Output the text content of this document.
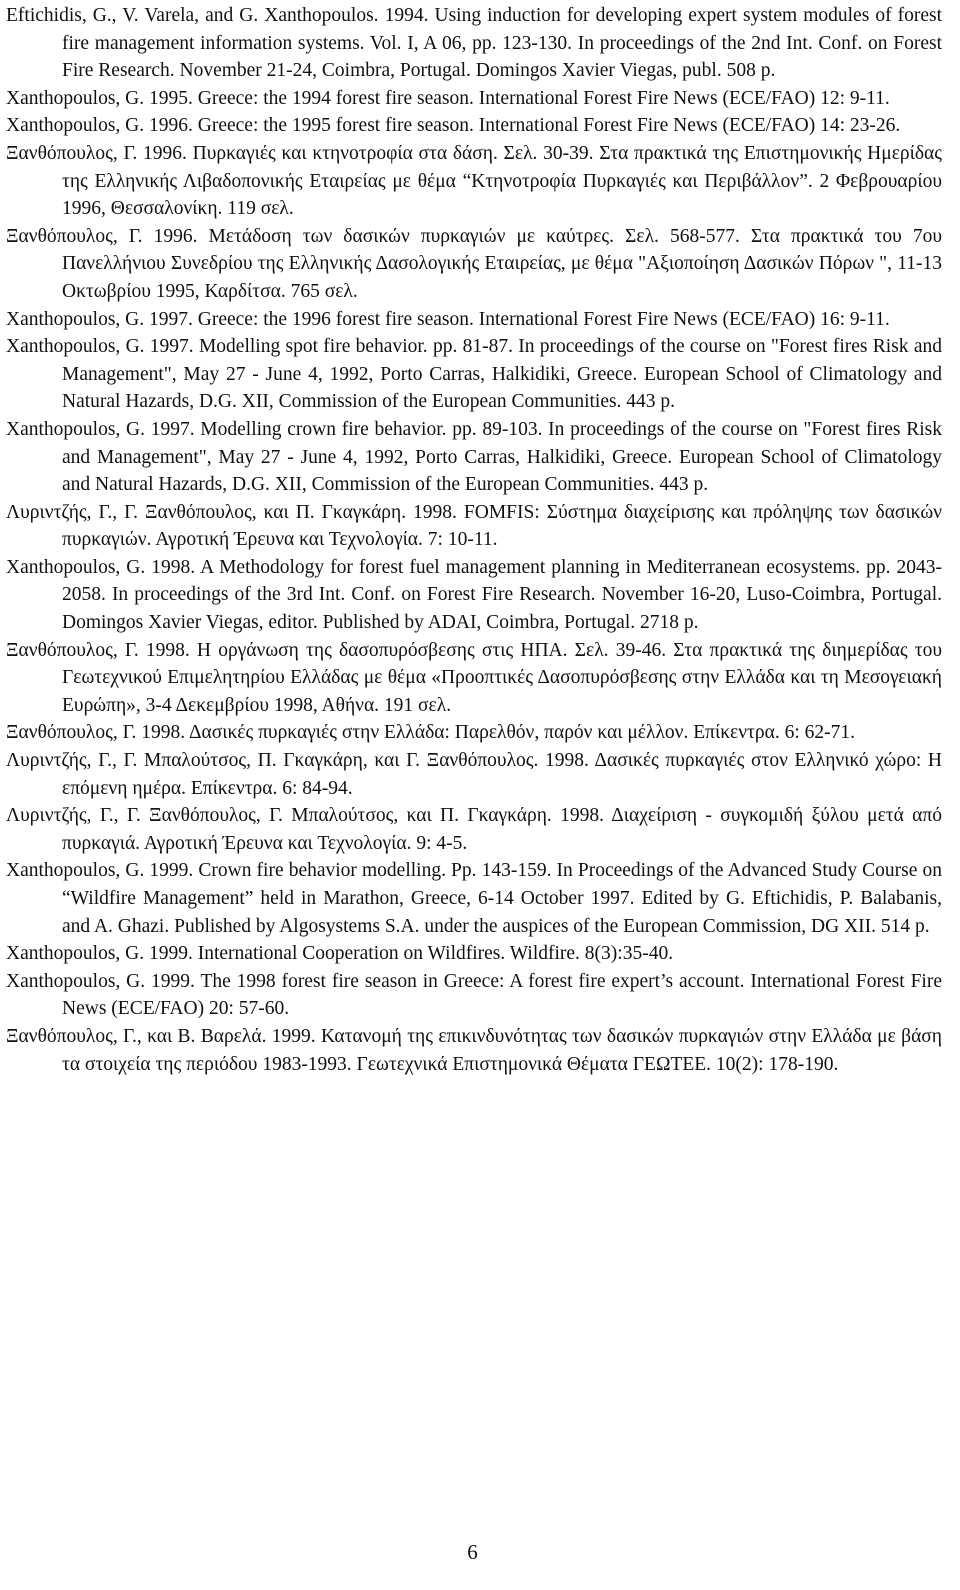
Eftichidis, G., V. Varela, and G. Xanthopoulos. 1994. Using induction for developing expert system modules of forest fire management information systems. Vol. I, A 06, pp. 123-130. In proceedings of the 2nd Int. Conf. on Forest Fire Research. November 21-24, Coimbra, Portugal. Domingos Xavier Viegas, publ. 508 p.

Xanthopoulos, G. 1995. Greece: the 1994 forest fire season. International Forest Fire News (ECE/FAO) 12: 9-11.

Xanthopoulos, G. 1996. Greece: the 1995 forest fire season. International Forest Fire News (ECE/FAO) 14: 23-26.

Ξανθόπουλος, Γ. 1996. Πυρκαγιές και κτηνοτροφία στα δάση. Σελ. 30-39. Στα πρακτικά της Επιστημονικής Ημερίδας της Ελληνικής Λιβαδοπονικής Εταιρείας με θέμα “Κτηνοτροφία Πυρκαγιές και Περιβάλλον”. 2 Φεβρουαρίου 1996, Θεσσαλονίκη. 119 σελ.

Ξανθόπουλος, Γ. 1996. Μετάδοση των δασικών πυρκαγιών με καύτρες. Σελ. 568-577. Στα πρακτικά του 7ου Πανελλήνιου Συνεδρίου της Ελληνικής Δασολογικής Εταιρείας, με θέμα "Αξιοποίηση Δασικών Πόρων ", 11-13 Οκτωβρίου 1995, Καρδίτσα. 765 σελ.

Xanthopoulos, G. 1997. Greece: the 1996 forest fire season. International Forest Fire News (ECE/FAO) 16: 9-11.

Xanthopoulos, G. 1997. Modelling spot fire behavior. pp. 81-87. In proceedings of the course on "Forest fires Risk and Management", May 27 - June 4, 1992, Porto Carras, Halkidiki, Greece. European School of Climatology and Natural Hazards, D.G. XII, Commission of the European Communities. 443 p.

Xanthopoulos, G. 1997. Modelling crown fire behavior. pp. 89-103. In proceedings of the course on "Forest fires Risk and Management", May 27 - June 4, 1992, Porto Carras, Halkidiki, Greece. European School of Climatology and Natural Hazards, D.G. XII, Commission of the European Communities. 443 p.

Λυριντζής, Γ., Γ. Ξανθόπουλος, και Π. Γκαγκάρη. 1998. FOMFIS: Σύστημα διαχείρισης και πρόληψης των δασικών πυρκαγιών. Αγροτική Έρευνα και Τεχνολογία. 7: 10-11.

Xanthopoulos, G. 1998. A Methodology for forest fuel management planning in Mediterranean ecosystems. pp. 2043-2058. In proceedings of the 3rd Int. Conf. on Forest Fire Research. November 16-20, Luso-Coimbra, Portugal. Domingos Xavier Viegas, editor. Published by ADAI, Coimbra, Portugal. 2718 p.

Ξανθόπουλος, Γ. 1998. Η οργάνωση της δασοπυρόσβεσης στις ΗΠΑ. Σελ. 39-46. Στα πρακτικά της διημερίδας του Γεωτεχνικού Επιμελητηρίου Ελλάδας με θέμα «Προοπτικές Δασοπυρόσβεσης στην Ελλάδα και τη Μεσογειακή Ευρώπη», 3-4 Δεκεμβρίου 1998, Αθήνα. 191 σελ.

Ξανθόπουλος, Γ. 1998. Δασικές πυρκαγιές στην Ελλάδα: Παρελθόν, παρόν και μέλλον. Επίκεντρα. 6: 62-71.

Λυριντζής, Γ., Γ. Μπαλούτσος, Π. Γκαγκάρη, και Γ. Ξανθόπουλος. 1998. Δασικές πυρκαγιές στον Ελληνικό χώρο: Η επόμενη ημέρα. Επίκεντρα. 6: 84-94.

Λυριντζής, Γ., Γ. Ξανθόπουλος, Γ. Μπαλούτσος, και Π. Γκαγκάρη. 1998. Διαχείριση - συγκομιδή ξύλου μετά από πυρκαγιά. Αγροτική Έρευνα και Τεχνολογία. 9: 4-5.

Xanthopoulos, G. 1999. Crown fire behavior modelling. Pp. 143-159. In Proceedings of the Advanced Study Course on “Wildfire Management” held in Marathon, Greece, 6-14 October 1997. Edited by G. Eftichidis, P. Balabanis, and A. Ghazi. Published by Algosystems S.A. under the auspices of the European Commission, DG XII. 514 p.

Xanthopoulos, G. 1999. International Cooperation on Wildfires. Wildfire. 8(3):35-40.

Xanthopoulos, G. 1999. The 1998 forest fire season in Greece: A forest fire expert’s account. International Forest Fire News (ECE/FAO) 20: 57-60.

Ξανθόπουλος, Γ., και Β. Βαρελά. 1999. Κατανομή της επικινδυνότητας των δασικών πυρκαγιών στην Ελλάδα με βάση τα στοιχεία της περιόδου 1983-1993. Γεωτεχνικά Επιστημονικά Θέματα ΓΕΩΤΕΕ. 10(2): 178-190.

6
